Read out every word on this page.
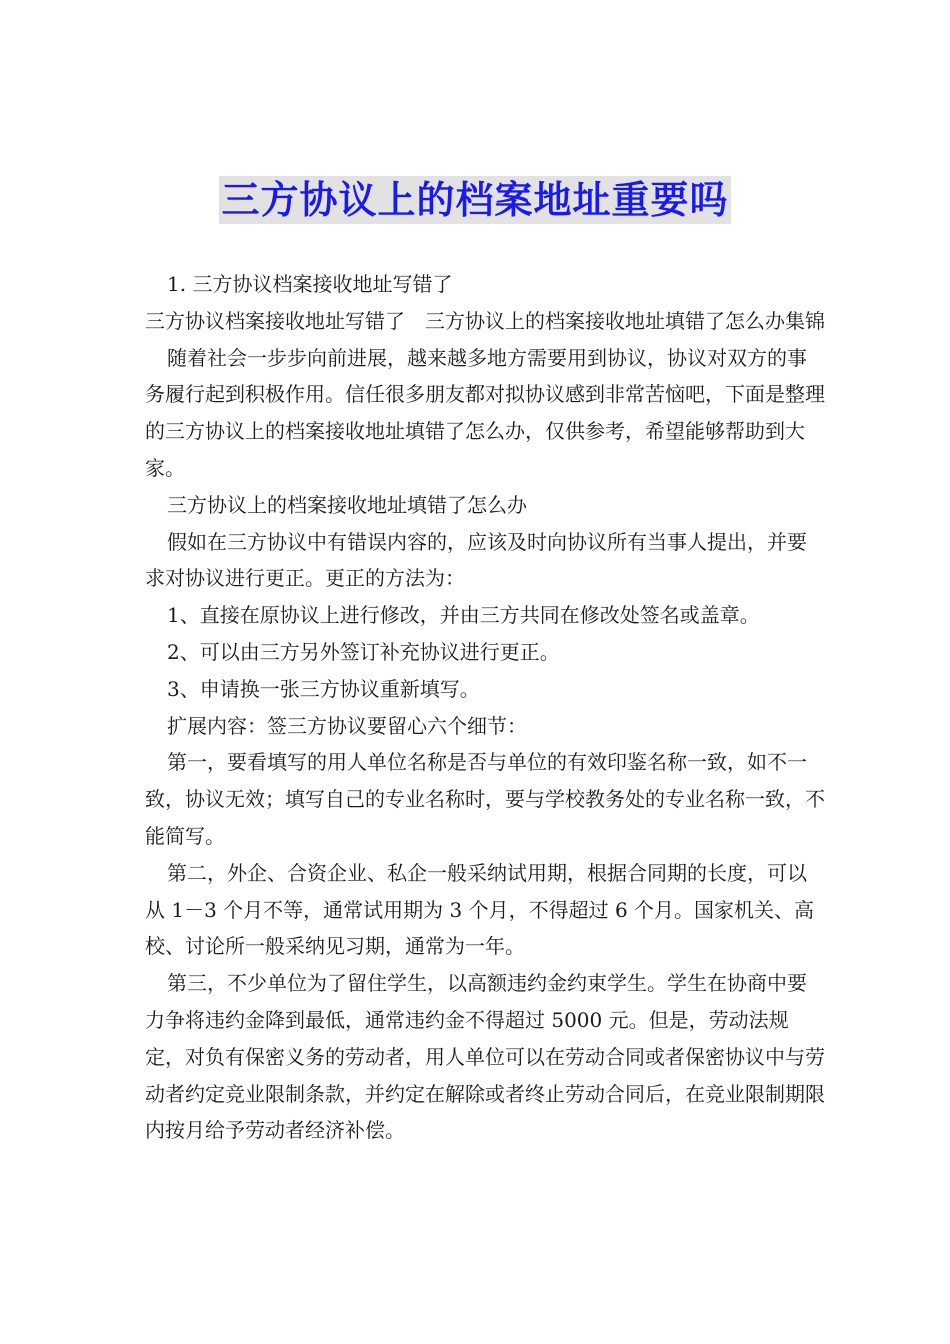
三方协议上的档案地址重要吗

1. 三方协议档案接收地址写错了

三方协议档案接收地址写错了　三方协议上的档案接收地址填错了怎么办集锦

随着社会一步步向前进展，越来越多地方需要用到协议，协议对双方的事务履行起到积极作用。信任很多朋友都对拟协议感到非常苦恼吧，下面是整理的三方协议上的档案接收地址填错了怎么办，仅供参考，希望能够帮助到大家。

三方协议上的档案接收地址填错了怎么办

假如在三方协议中有错误内容的，应该及时向协议所有当事人提出，并要求对协议进行更正。更正的方法为：

1、直接在原协议上进行修改，并由三方共同在修改处签名或盖章。

2、可以由三方另外签订补充协议进行更正。

3、申请换一张三方协议重新填写。

扩展内容：签三方协议要留心六个细节：

第一，要看填写的用人单位名称是否与单位的有效印鉴名称一致，如不一致，协议无效；填写自己的专业名称时，要与学校教务处的专业名称一致，不能简写。

第二，外企、合资企业、私企一般采纳试用期，根据合同期的长度，可以从 1－3 个月不等，通常试用期为 3 个月，不得超过 6 个月。国家机关、高校、讨论所一般采纳见习期，通常为一年。

第三，不少单位为了留住学生，以高额违约金约束学生。学生在协商中要力争将违约金降到最低，通常违约金不得超过 5000 元。但是，劳动法规定，对负有保密义务的劳动者，用人单位可以在劳动合同或者保密协议中与劳动者约定竞业限制条款，并约定在解除或者终止劳动合同后，在竞业限制期限内按月给予劳动者经济补偿。
